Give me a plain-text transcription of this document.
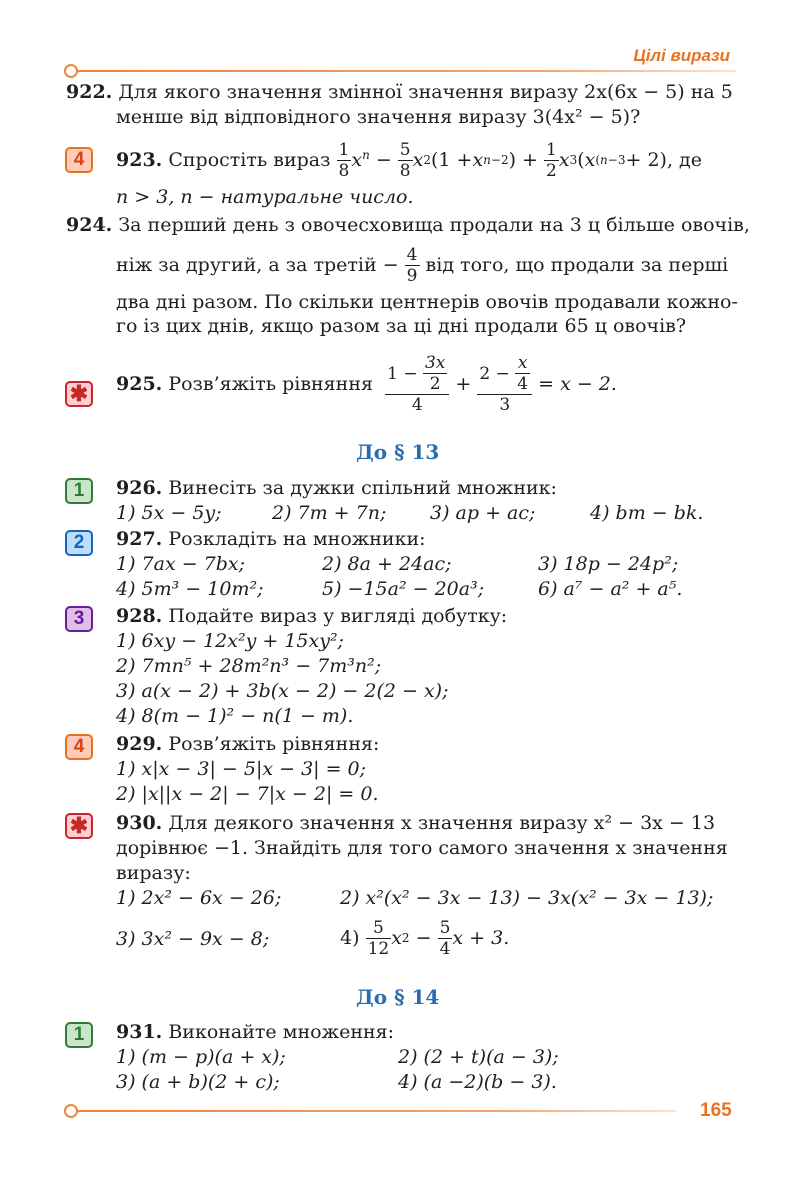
Цілі вирази
922. Для якого значення змінної значення виразу 2x(6x − 5) на 5
менше від відповідного значення виразу 3(4x² − 5)?
4	923.
Спростіть вираз
$\frac{1}{8} x^n - \frac{5}{8}$ x 2 (1 + x n−2 ) + $\frac{1}{2}$ x 3 ( x (n−3 + 2),
де
n > 3, n − натуральне число.
924. За перший день з овочесховища продали на 3 ц більше овочів,
ніж за другий, а за третій −
$\frac{4}{9}$
від того, що продали за перші
два дні разом. По скільки центнерів овочів продавали кожно-
го із цих днів, якщо разом за ці дні продали 65 ц овочів?
✱ 925.
Розв’яжіть рівняння
$\frac{1 - \frac{3x}{2}}{4} + \frac{2 - \frac{x}{4}}{3}$
= x − 2.
До § 13
1	926. Винесіть за дужки спільний множник:
1) 5x − 5y;	2) 7m + 7n; 3) ap + ac;	4) bm − bk.
2	927. Розкладіть на множники:
1) 7ax − 7bx;	2) 8a + 24ac;	3) 18p − 24p²;
4) 5m³ − 10m²;	5) −15a² − 20a³;	6) a⁷ − a² + a⁵.
3	928. Подайте вираз у вигляді добутку:
1) 6xy − 12x²y + 15xy²;
2) 7mn⁵ + 28m²n³ − 7m³n²;
3) a(x − 2) + 3b(x − 2) − 2(2 − x);
4) 8(m − 1)² − n(1 − m).
4	929. Розв’яжіть рівняння:
1) x|x − 3| − 5|x − 3| = 0;
2) |x||x − 2| − 7|x − 2| = 0.
✱ 930. Для деякого значення x значення виразу x² − 3x − 13
дорівнює −1. Знайдіть для того самого значення x значення
виразу:
1) 2x² − 6x − 26;	2) x²(x² − 3x − 13) − 3x(x² − 3x − 13);
3) 3x² − 9x − 8;	4)
$\frac{5}{12}$ x $2 - \frac{5}{4}$ x + 3.
До § 14
1	931. Виконайте множення:
1) (m − p)(a + x);	2) (2 + t)(a − 3);
3) (a + b)(2 + c);	4) (a −2)(b − 3).
165
